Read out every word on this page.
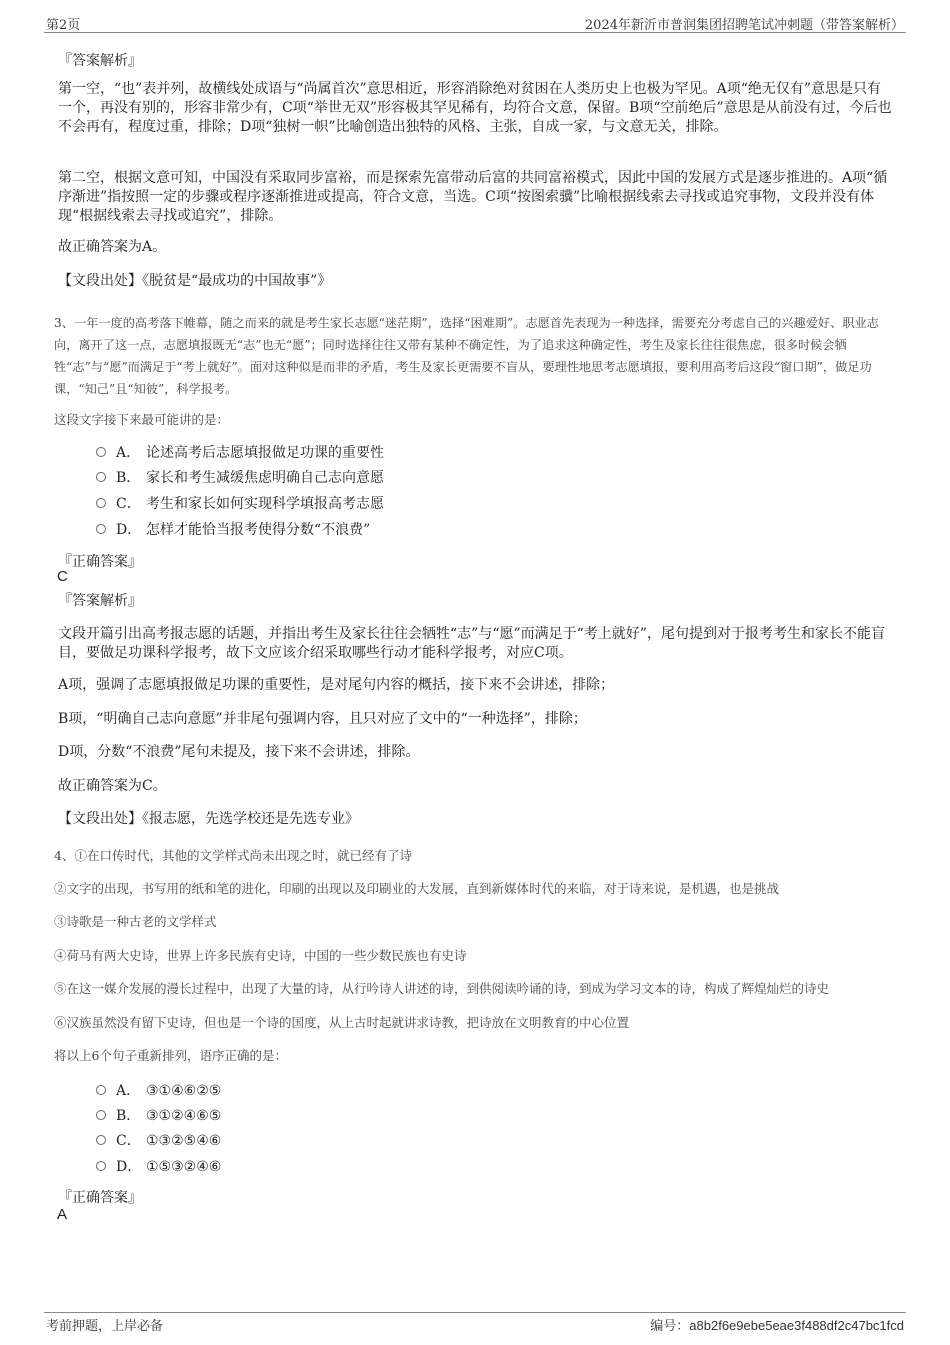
第2页	2024年新沂市普润集团招聘笔试冲刺题（带答案解析）
『答案解析』
第一空，“也”表并列，故横线处成语与“尚属首次”意思相近，形容消除绝对贫困在人类历史上也极为罕见。A项“绝无仅有”意思是只有一个，再没有别的，形容非常少有，C项“举世无双”形容极其罕见稀有，均符合文意，保留。B项“空前绝后”意思是从前没有过，今后也不会再有，程度过重，排除；D项“独树一帜”比喻创造出独特的风格、主张，自成一家，与文意无关，排除。
第二空，根据文意可知，中国没有采取同步富裕，而是探索先富带动后富的共同富裕模式，因此中国的发展方式是逐步推进的。A项“循序渐进”指按照一定的步骤或程序逐渐推进或提高，符合文意，当选。C项“按图索骥”比喻根据线索去寻找或追究事物，文段并没有体现“根据线索去寻找或追究”，排除。
故正确答案为A。
【文段出处】《脱贫是“最成功的中国故事”》
3、一年一度的高考落下帷幕，随之而来的就是考生家长志愿“迷茫期”，选择“困难期”。志愿首先表现为一种选择，需要充分考虑自己的兴趣爱好、职业志向，离开了这一点，志愿填报既无“志”也无“愿”；同时选择往往又带有某种不确定性，为了追求这种确定性，考生及家长往往很焦虑，很多时候会牺牲“志”与“愿”而满足于“考上就好”。面对这种似是而非的矛盾，考生及家长更需要不盲从，要理性地思考志愿填报，要利用高考后这段“窗口期”，做足功课，“知己”且“知彼”，科学报考。
这段文字接下来最可能讲的是：
A． 论述高考后志愿填报做足功课的重要性
B． 家长和考生减缓焦虑明确自己志向意愿
C． 考生和家长如何实现科学填报高考志愿
D． 怎样才能恰当报考使得分数“不浪费”
『正确答案』
C
『答案解析』
文段开篇引出高考报志愿的话题，并指出考生及家长往往会牺牲“志”与“愿”而满足于“考上就好”，尾句提到对于报考考生和家长不能盲目，要做足功课科学报考，故下文应该介绍采取哪些行动才能科学报考，对应C项。
A项，强调了志愿填报做足功课的重要性，是对尾句内容的概括，接下来不会讲述，排除；
B项，“明确自己志向意愿”并非尾句强调内容，且只对应了文中的“一种选择”，排除；
D项，分数“不浪费”尾句未提及，接下来不会讲述，排除。
故正确答案为C。
【文段出处】《报志愿，先选学校还是先选专业》
4、①在口传时代，其他的文学样式尚未出现之时，就已经有了诗
②文字的出现，书写用的纸和笔的进化，印刷的出现以及印刷业的大发展，直到新媒体时代的来临，对于诗来说，是机遇，也是挑战
③诗歌是一种古老的文学样式
④荷马有两大史诗，世界上许多民族有史诗，中国的一些少数民族也有史诗
⑤在这一媒介发展的漫长过程中，出现了大量的诗，从行吟诗人讲述的诗，到供阅读吟诵的诗，到成为学习文本的诗，构成了辉煌灿烂的诗史
⑥汉族虽然没有留下史诗，但也是一个诗的国度，从上古时起就讲求诗教，把诗放在文明教育的中心位置
将以上6个句子重新排列，语序正确的是：
A． ③①④⑥②⑤
B． ③①②④⑥⑤
C． ①③②⑤④⑥
D． ①⑤③②④⑥
『正确答案』
A
考前押题，上岸必备	编号：a8b2f6e9ebe5eae3f488df2c47bc1fcd
